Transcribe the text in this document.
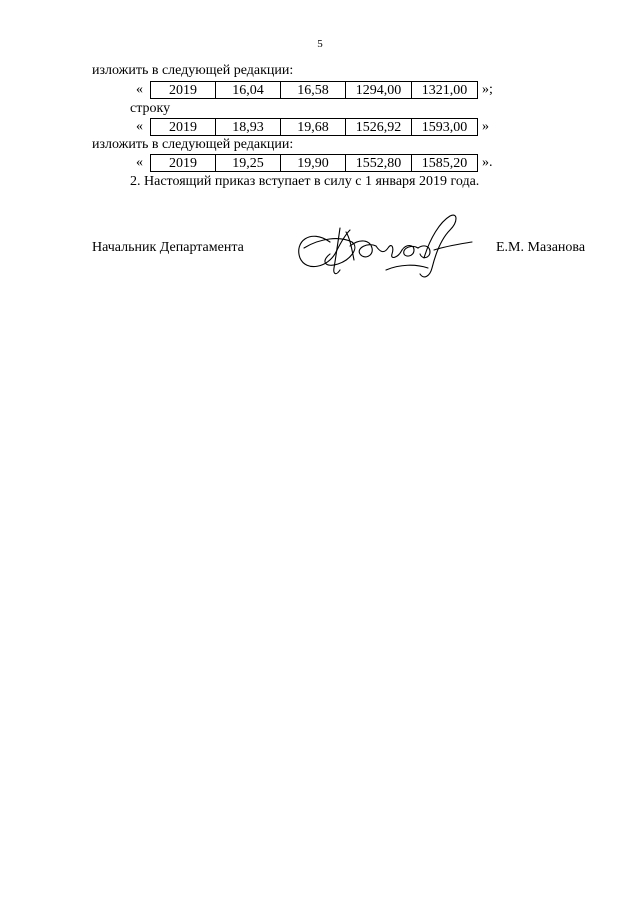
5
изложить в следующей редакции:
«	2019	16,04	16,58	1294,00	1321,00	»;
строку
«	2019	18,93	19,68	1526,92	1593,00	»
изложить в следующей редакции:
«	2019	19,25	19,90	1552,80	1585,20	».
2. Настоящий приказ вступает в силу с 1 января 2019 года.
Начальник Департамента	Е.М. Мазанова
